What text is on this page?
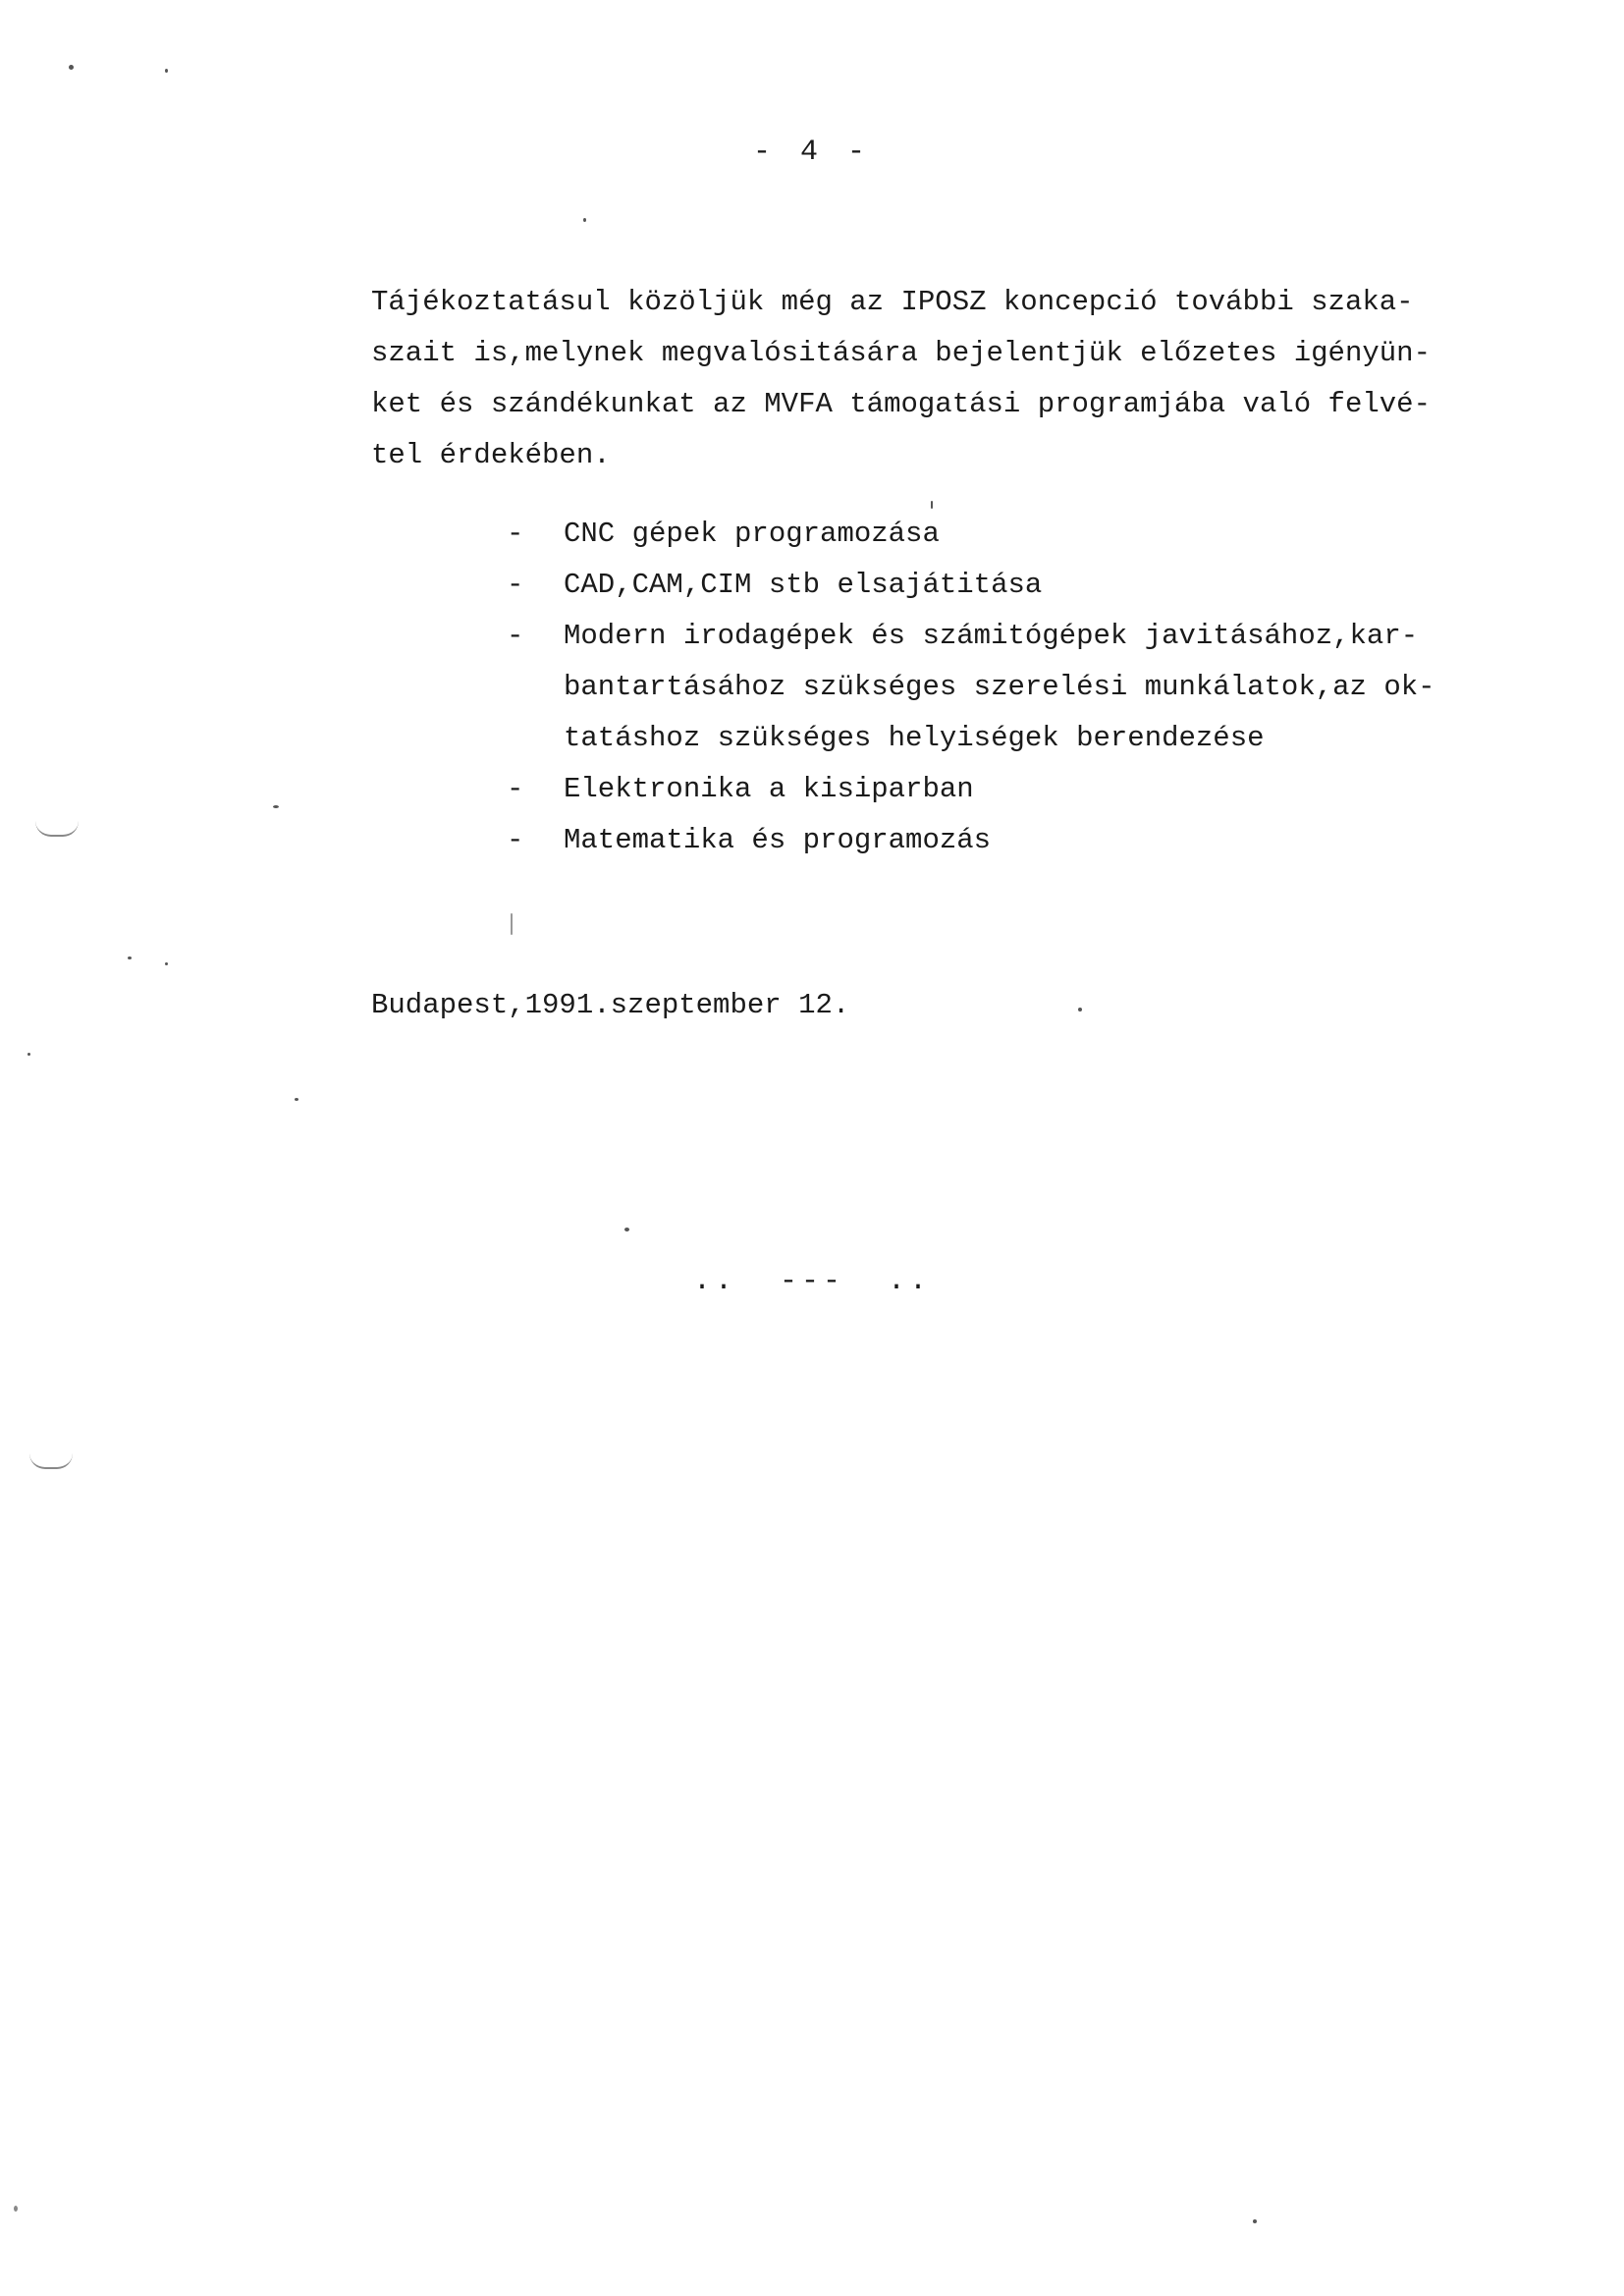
- 4 -
Tájékoztatásul közöljük még az IPOSZ koncepció további szaka-
szait is,melynek megvalósitására bejelentjük előzetes igényün-
ket és szándékunkat az MVFA támogatási programjába való felvé-
tel érdekében.
- CNC gépek programozása
- CAD,CAM,CIM stb elsajátitása
- Modern irodagépek és számitógépek javitásához,kar-
bantartásához szükséges szerelési munkálatok,az ok-
tatáshoz szükséges helyiségek berendezése
- Elektronika a kisiparban
- Matematika és programozás
Budapest,1991.szeptember 12.
..  ---  ..
